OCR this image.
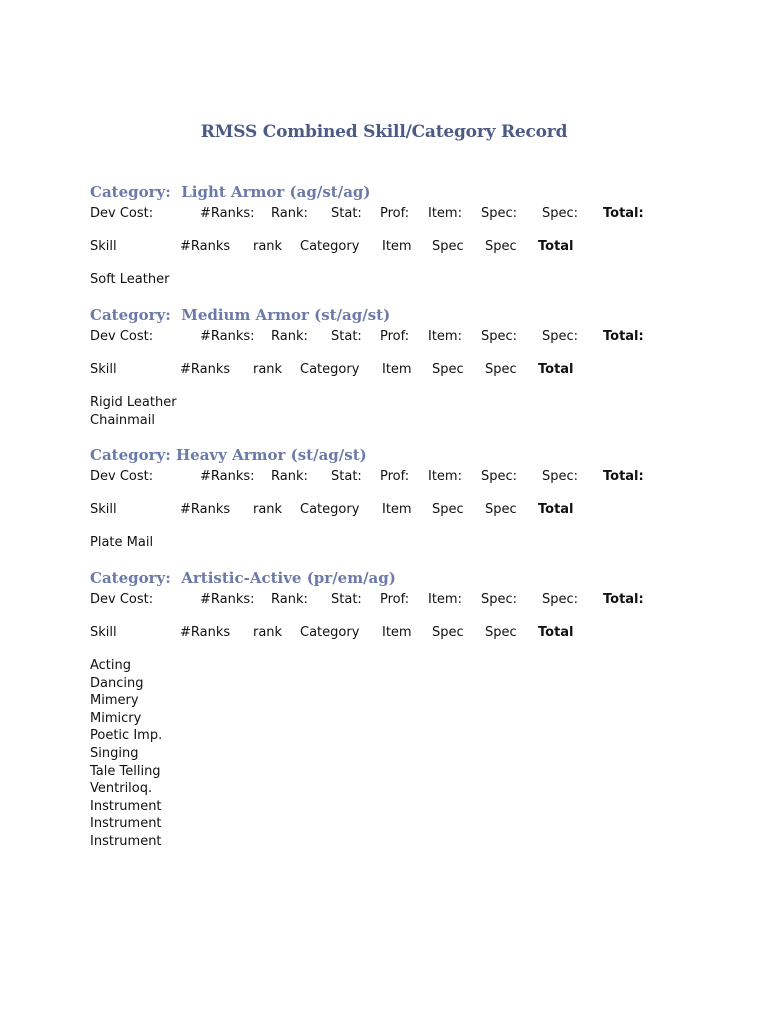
RMSS Combined Skill/Category Record
Category:  Light Armor (ag/st/ag)
Dev Cost:	#Ranks: Rank: Stat: Prof: Item: Spec: Spec: Total:
Skill	#Ranks rank Category Item Spec Spec Total
Soft Leather
Category:  Medium Armor (st/ag/st)
Dev Cost:	#Ranks: Rank: Stat: Prof: Item: Spec: Spec: Total:
Skill	#Ranks rank Category Item Spec Spec Total
Rigid Leather
Chainmail
Category: Heavy Armor (st/ag/st)
Dev Cost:	#Ranks: Rank: Stat: Prof: Item: Spec: Spec: Total:
Skill	#Ranks rank Category Item Spec Spec Total
Plate Mail
Category:  Artistic-Active (pr/em/ag)
Dev Cost:	#Ranks: Rank: Stat: Prof: Item: Spec: Spec: Total:
Skill	#Ranks rank Category Item Spec Spec Total
Acting
Dancing
Mimery
Mimicry
Poetic Imp.
Singing
Tale Telling
Ventriloq.
Instrument
Instrument
Instrument
